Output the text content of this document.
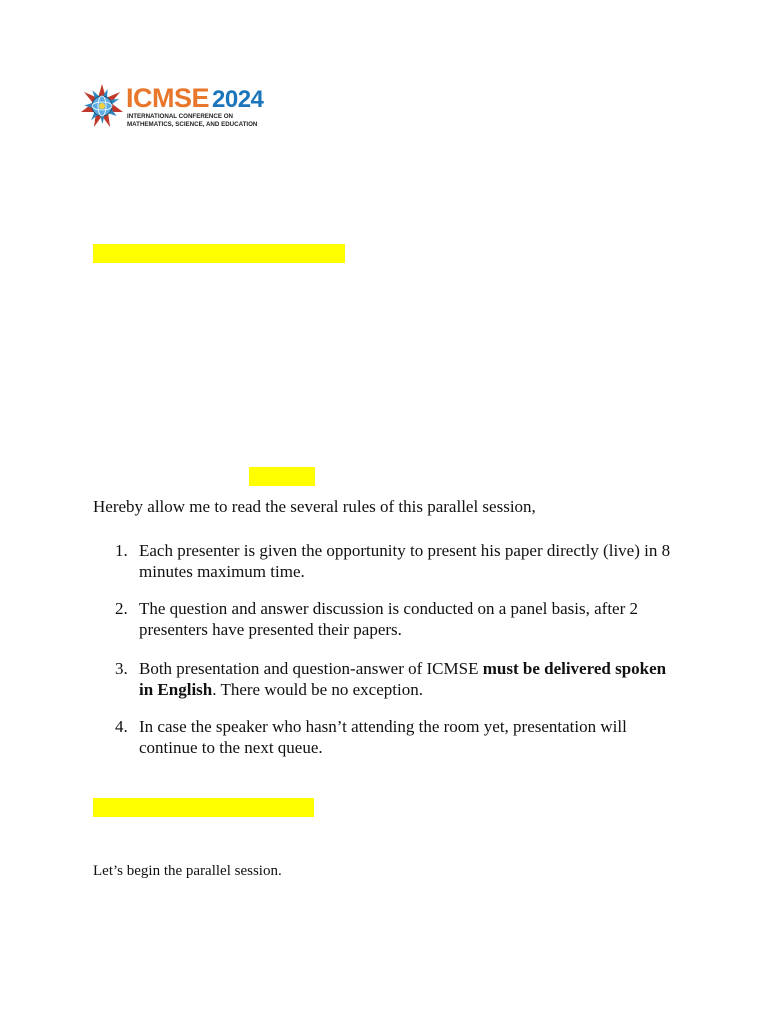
ICMSE 2024
INTERNATIONAL CONFERENCE ON
MATHEMATICS, SCIENCE, AND EDUCATION

Hereby allow me to read the several rules of this parallel session,

1. Each presenter is given the opportunity to present his paper directly (live) in 8 minutes maximum time.
2. The question and answer discussion is conducted on a panel basis, after 2 presenters have presented their papers.
3. Both presentation and question-answer of ICMSE must be delivered spoken in English. There would be no exception.
4. In case the speaker who hasn’t attending the room yet, presentation will continue to the next queue.

Let’s begin the parallel session.
